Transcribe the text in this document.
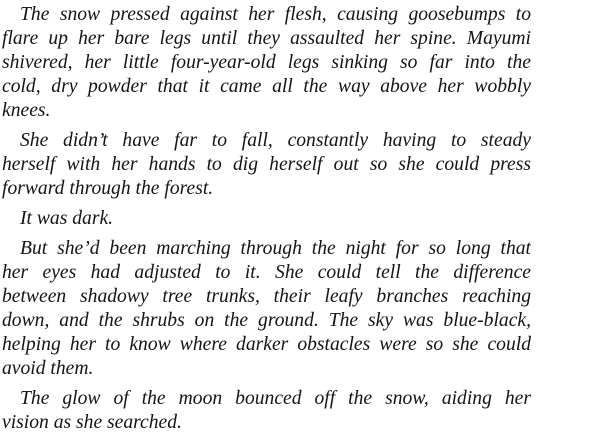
The snow pressed against her flesh, causing goosebumps to
flare up her bare legs until they assaulted her spine. Mayumi
shivered, her little four-year-old legs sinking so far into the
cold, dry powder that it came all the way above her wobbly
knees.
She didn’t have far to fall, constantly having to steady
herself with her hands to dig herself out so she could press
forward through the forest.
It was dark.
But she’d been marching through the night for so long that
her eyes had adjusted to it. She could tell the difference
between shadowy tree trunks, their leafy branches reaching
down, and the shrubs on the ground. The sky was blue-black,
helping her to know where darker obstacles were so she could
avoid them.
The glow of the moon bounced off the snow, aiding her
vision as she searched.
